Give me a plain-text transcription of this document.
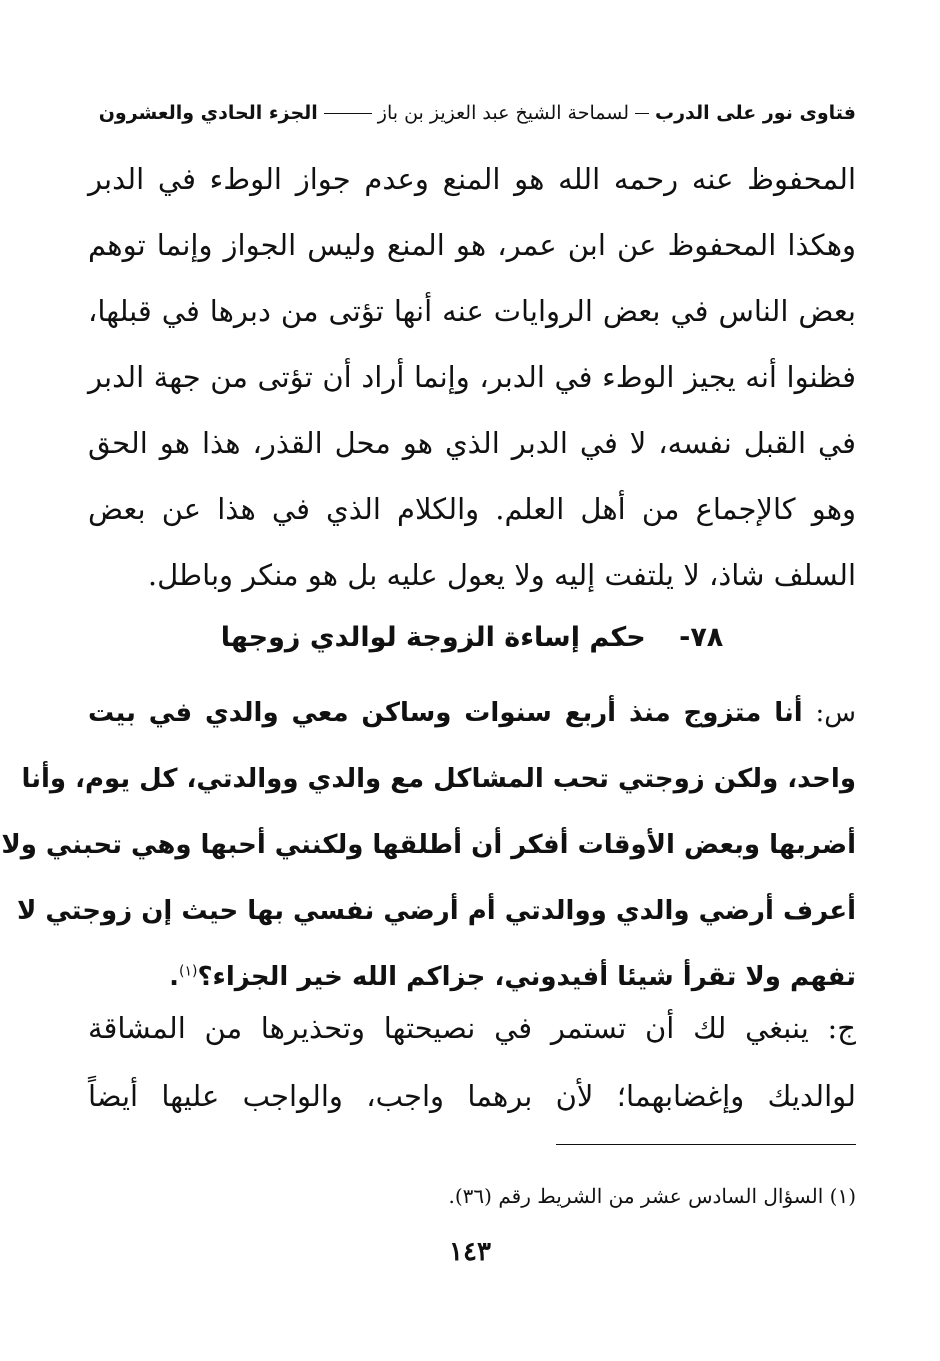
فتاوى نور على الدرب
لسماحة الشيخ عبد العزيز بن باز
الجزء الحادي والعشرون
المحفوظ عنه رحمه الله هو المنع وعدم جواز الوطء في الدبر
وهكذا المحفوظ عن ابن عمر، هو المنع وليس الجواز وإنما توهم
بعض الناس في بعض الروايات عنه أنها تؤتى من دبرها في قبلها،
فظنوا أنه يجيز الوطء في الدبر، وإنما أراد أن تؤتى من جهة الدبر
في القبل نفسه، لا في الدبر الذي هو محل القذر، هذا هو الحق
وهو كالإجماع من أهل العلم. والكلام الذي في هذا عن بعض
السلف شاذ، لا يلتفت إليه ولا يعول عليه بل هو منكر وباطل.
٧٨- حكم إساءة الزوجة لوالدي زوجها
س: أنا متزوج منذ أربع سنوات وساكن معي والدي في بيت
واحد، ولكن زوجتي تحب المشاكل مع والدي ووالدتي، كل يوم، وأنا
أضربها وبعض الأوقات أفكر أن أطلقها ولكنني أحبها وهي تحبني ولا
أعرف أرضي والدي ووالدتي أم أرضي نفسي بها حيث إن زوجتي لا
تفهم ولا تقرأ شيئا أفيدوني، جزاكم الله خير الجزاء؟$^{(١)}$.
ج: ينبغي لك أن تستمر في نصيحتها وتحذيرها من المشاقة
لوالديك وإغضابهما؛ لأن برهما واجب، والواجب عليها أيضاً
(١) السؤال السادس عشر من الشريط رقم (٣٦).
١٤٣
